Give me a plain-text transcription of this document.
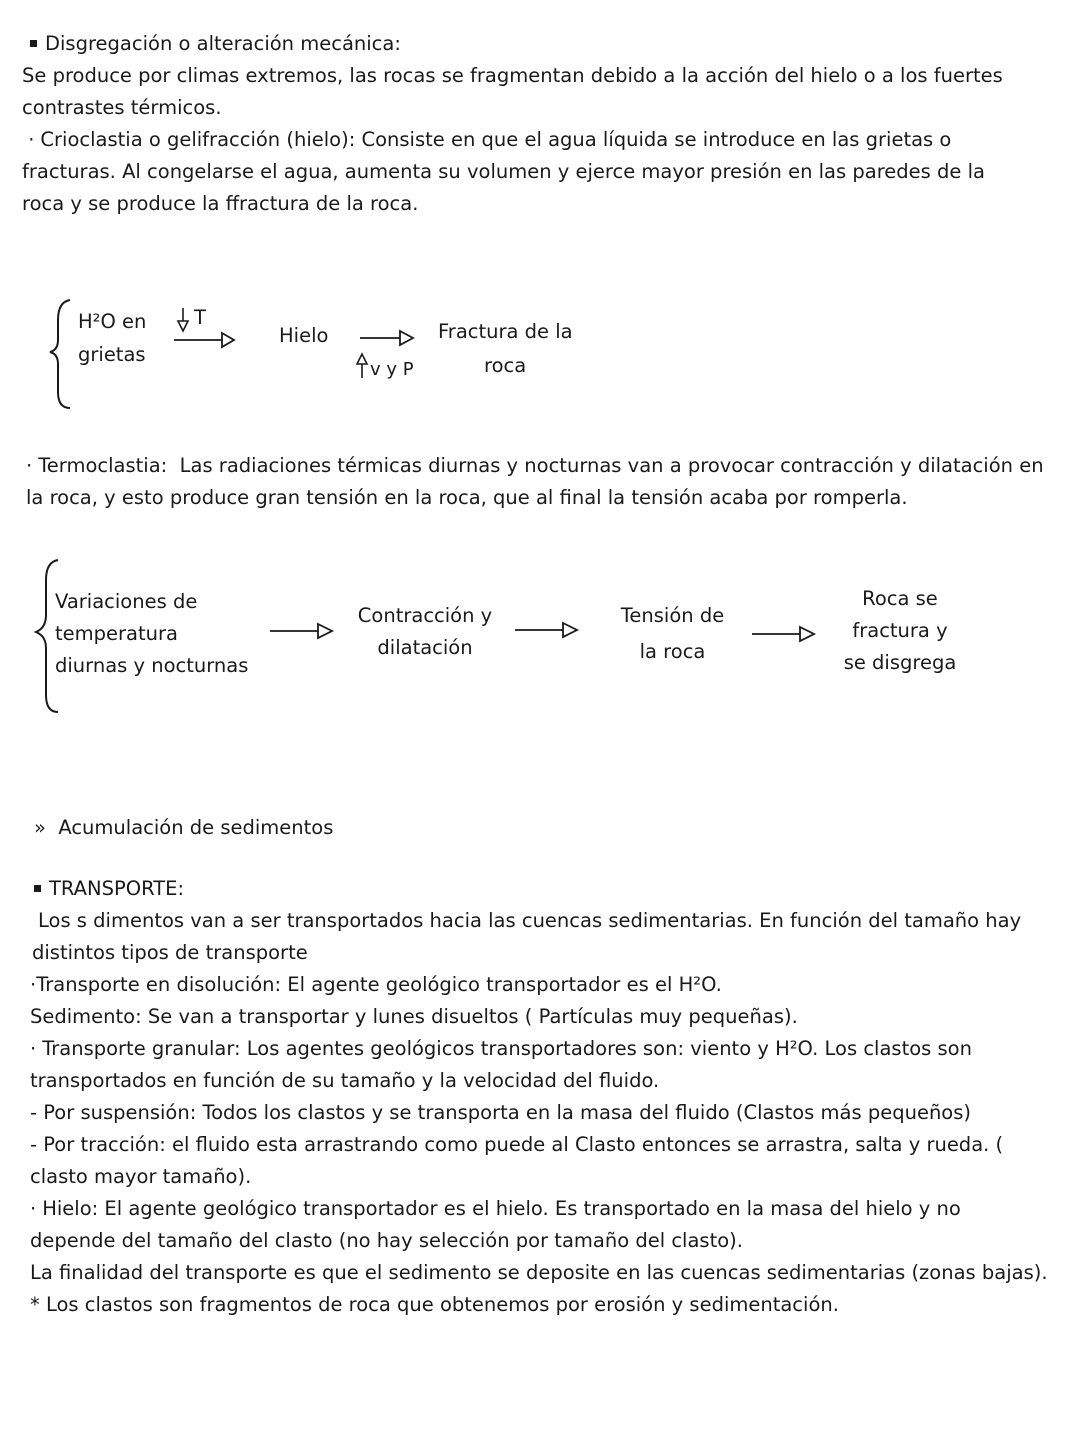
Disgregación o alteración mecánica:
Se produce por climas extremos, las rocas se fragmentan debido a la acción del hielo o a los fuertes contrastes térmicos.
· Crioclastia o gelifracción (hielo): Consiste en que el agua líquida se introduce en las grietas o fracturas. Al congelarse el agua, aumenta su volumen y ejerce mayor presión en las paredes de la roca y se produce la ffractura de la roca.
H²O en
grietas
T
Hielo
v y P
Fractura de la
roca
· Termoclastia: Las radiaciones térmicas diurnas y nocturnas van a provocar contracción y dilatación en la roca, y esto produce gran tensión en la roca, que al final la tensión acaba por romperla.
Variaciones de
temperatura
diurnas y nocturnas
Contracción y
dilatación
Tensión de
la roca
Roca se
fractura y
se disgrega
» Acumulación de sedimentos
TRANSPORTE:
Los s dimentos van a ser transportados hacia las cuencas sedimentarias. En función del tamaño hay distintos tipos de transporte
·Transporte en disolución: El agente geológico transportador es el H²O.
Sedimento: Se van a transportar y lunes disueltos ( Partículas muy pequeñas).
· Transporte granular: Los agentes geológicos transportadores son: viento y H²O. Los clastos son transportados en función de su tamaño y la velocidad del fluido.
- Por suspensión: Todos los clastos y se transporta en la masa del fluido (Clastos más pequeños)
- Por tracción: el fluido esta arrastrando como puede al Clasto entonces se arrastra, salta y rueda. ( clasto mayor tamaño).
· Hielo: El agente geológico transportador es el hielo. Es transportado en la masa del hielo y no depende del tamaño del clasto (no hay selección por tamaño del clasto).
La finalidad del transporte es que el sedimento se deposite en las cuencas sedimentarias (zonas bajas).
* Los clastos son fragmentos de roca que obtenemos por erosión y sedimentación.
